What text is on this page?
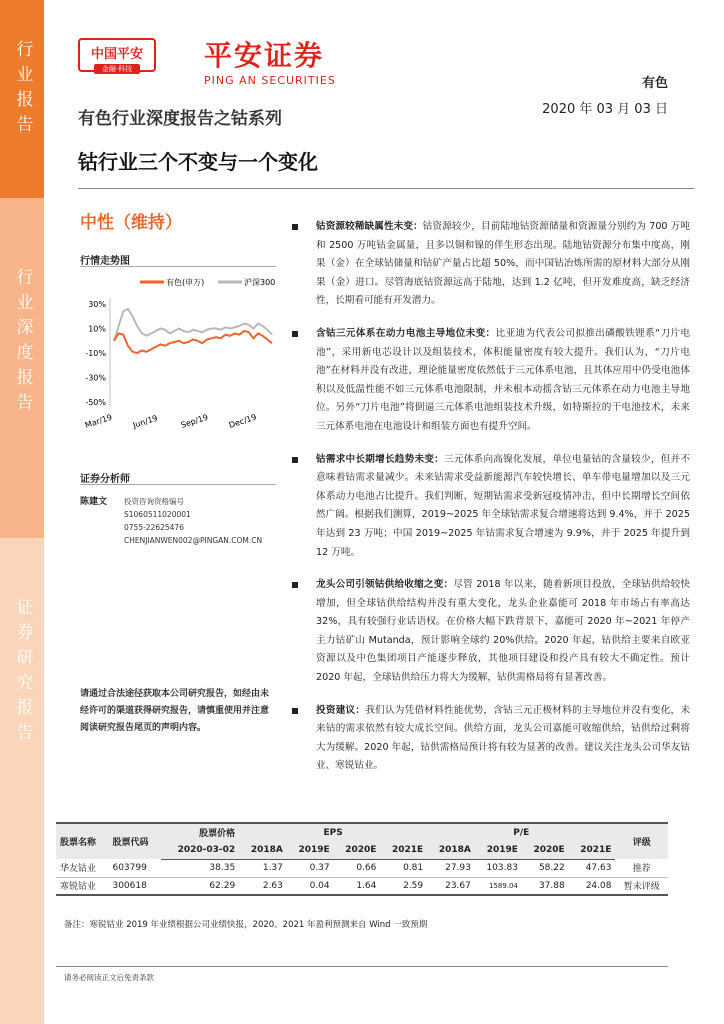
行业报告
行业深度报告
证券研究报告
中国平安
金融·科技	平安证券
PING AN SECURITIES	有色
2020 年 03 月 03 日
有色行业深度报告之钴系列
钴行业三个不变与一个变化
中性（维持）
行情走势图
有色(申万)	沪深300
30%
10%
-10%
-30%
-50%
Mar/19 Jun/19	Sep/19 Dec/19
证券分析师
陈建文 投资咨询资格编号
S1060511020001
0755-22625476
CHENJIANWEN002@PINGAN.COM.CN
请通过合法途径获取本公司研究报告，如经由未经许可的渠道获得研究报告，请慎重使用并注意阅读研究报告尾页的声明内容。
钴资源较稀缺属性未变：钴资源较少，目前陆地钴资源储量和资源量分别约为 700 万吨和 2500 万吨钴金属量，且多以铜和镍的伴生形态出现。陆地钴资源分布集中度高，刚果（金）在全球钴储量和钴矿产量占比超 50%，而中国钴冶炼所需的原材料大部分从刚果（金）进口。尽管海底钴资源远高于陆地，达到 1.2 亿吨，但开发难度高，缺乏经济性，长期看可能有开发潜力。
含钴三元体系在动力电池主导地位未变：比亚迪为代表公司拟推出磷酸铁锂系“刀片电池”，采用新电芯设计以及组装技术，体积能量密度有较大提升。我们认为，“刀片电池”在材料并没有改进，理论能量密度依然低于三元体系电池，且其体应用中仍受电池体积以及低温性能不如三元体系电池限制，并未根本动摇含钴三元体系在动力电池主导地位。另外“刀片电池”将倒逼三元体系电池组装技术升级，如特斯拉的干电池技术，未来三元体系电池在电池设计和组装方面也有提升空间。
钴需求中长期增长趋势未变：三元体系向高镍化发展，单位电量钴的含量较少，但并不意味着钴需求量减少。未来钴需求受益新能源汽车较快增长、单车带电量增加以及三元体系动力电池占比提升。我们判断，短期钴需求受新冠疫情冲击，但中长期增长空间依然广阔。根据我们测算，2019~2025 年全球钴需求复合增速将达到 9.4%，并于 2025 年达到 23 万吨；中国 2019~2025 年钴需求复合增速为 9.9%，并于 2025 年提升到 12 万吨。
龙头公司引领钴供给收缩之变：尽管 2018 年以来，随着新项目投放，全球钴供给较快增加，但全球钴供给结构并没有重大变化，龙头企业嘉能可 2018 年市场占有率高达 32%，具有较强行业话语权。在价格大幅下跌背景下，嘉能可 2020 年~2021 年停产主力钴矿山 Mutanda，预计影响全球约 20%供给。2020 年起，钴供给主要来自欧亚资源以及中色集团项目产能逐步释放，其他项目建设和投产具有较大不确定性。预计 2020 年起，全球钴供给压力将大为缓解，钴供需格局将有显著改善。
投资建议：我们认为凭借材料性能优势，含钴三元正极材料的主导地位并没有变化，未来钴的需求依然有较大成长空间。供给方面，龙头公司嘉能可收缩供给，钴供给过剩将大为缓解。2020 年起，钴供需格局预计将有较为显著的改善。建议关注龙头公司华友钴业、寒锐钴业。
股票名称	股票代码	股票价格	EPS				P/E				评级
		2020-03-02	2018A	2019E	2020E	2021E	2018A	2019E	2020E	2021E	
华友钴业	603799	38.35	1.37	0.37	0.66	0.81	27.93	103.83	58.22	47.63	推荐
寒锐钴业	300618	62.29	2.63	0.04	1.64	2.59	23.67	1589.04	37.88	24.08	暂未评级
备注：寒锐钴业 2019 年业绩根据公司业绩快报，2020、2021 年盈利预测来自 Wind 一致预期
请务必阅读正文后免责条款
